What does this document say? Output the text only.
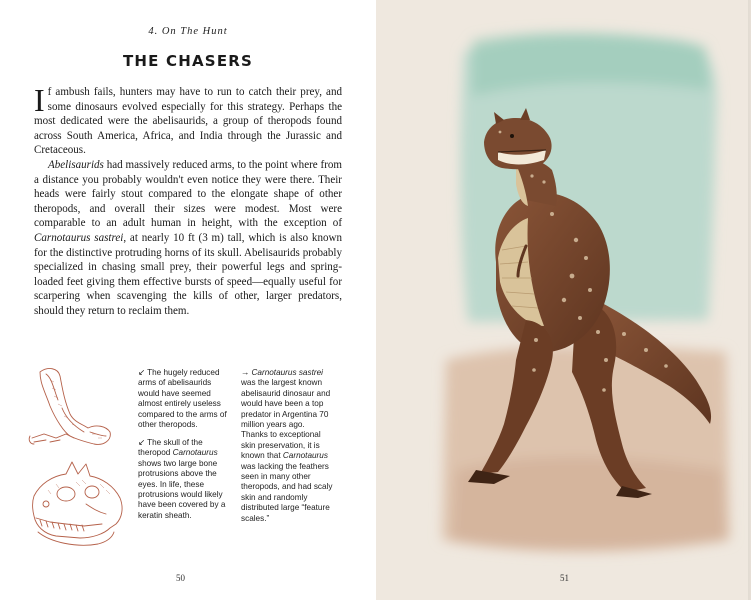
4. On The Hunt
THE CHASERS

If ambush fails, hunters may have to run to catch their prey, and some dinosaurs evolved especially for this strategy. Perhaps the most dedicated were the abelisaurids, a group of theropods found across South America, Africa, and India through the Jurassic and Cretaceous.

Abelisaurids had massively reduced arms, to the point where from a distance you probably wouldn't even notice they were there. Their heads were fairly stout compared to the elongate shape of other theropods, and overall their sizes were modest. Most were comparable to an adult human in height, with the exception of Carnotaurus sastrei, at nearly 10 ft (3 m) tall, which is also known for the distinctive protruding horns of its skull. Abelisaurids probably specialized in chasing small prey, their powerful legs and spring-loaded feet giving them effective bursts of speed—equally useful for scarpering when scavenging the kills of other, larger predators, should they return to reclaim them.

↙ The hugely reduced arms of abelisaurids would have seemed almost entirely useless compared to the arms of other theropods.
↙ The skull of the theropod Carnotaurus shows two large bone protrusions above the eyes. In life, these protrusions would likely have been covered by a keratin sheath.
→ Carnotaurus sastrei was the largest known abelisaurid dinosaur and would have been a top predator in Argentina 70 million years ago. Thanks to exceptional skin preservation, it is known that Carnotaurus was lacking the feathers seen in many other theropods, and had scaly skin and randomly distributed large “feature scales.”
50	51
